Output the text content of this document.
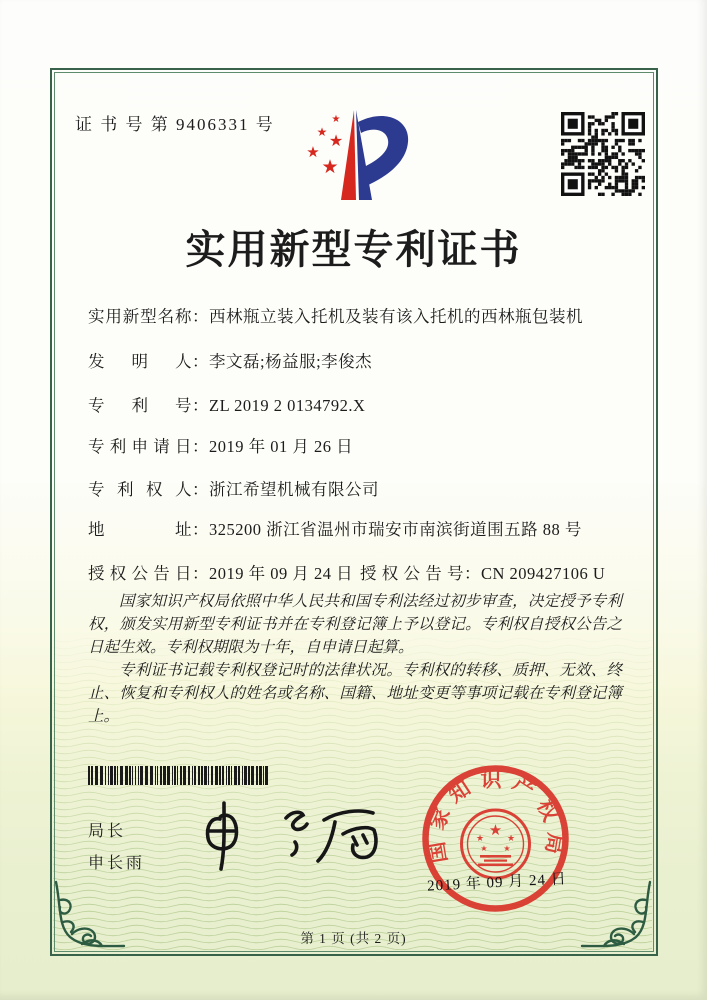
证 书 号 第 9406331 号	★
★ ★
★
★
实用新型专利证书
实用新型名称：西林瓶立装入托机及装有该入托机的西林瓶包装机
发明人：李文磊;杨益服;李俊杰
专利号：ZL 2019 2 0134792.X
专利申请日：2019 年 01 月 26 日
专利权人：浙江希望机械有限公司
地址：325200 浙江省温州市瑞安市南滨街道围五路 88 号
授权公告日：2019 年 09 月 24 日 授权公告号：CN 209427106 U

国家知识产权局依照中华人民共和国专利法经过初步审查，决定授予专利权，颁发实用新型专利证书并在专利登记簿上予以登记。专利权自授权公告之日起生效。专利权期限为十年，自申请日起算。

专利证书记载专利权登记时的法律状况。专利权的转移、质押、无效、终止、恢复和专利权人的姓名或名称、国籍、地址变更等事项记载在专利登记簿上。

局长
申长雨	国家知识产权局
★
★	★
★ ★
2019 年 09 月 24 日
第 1 页 (共 2 页)
